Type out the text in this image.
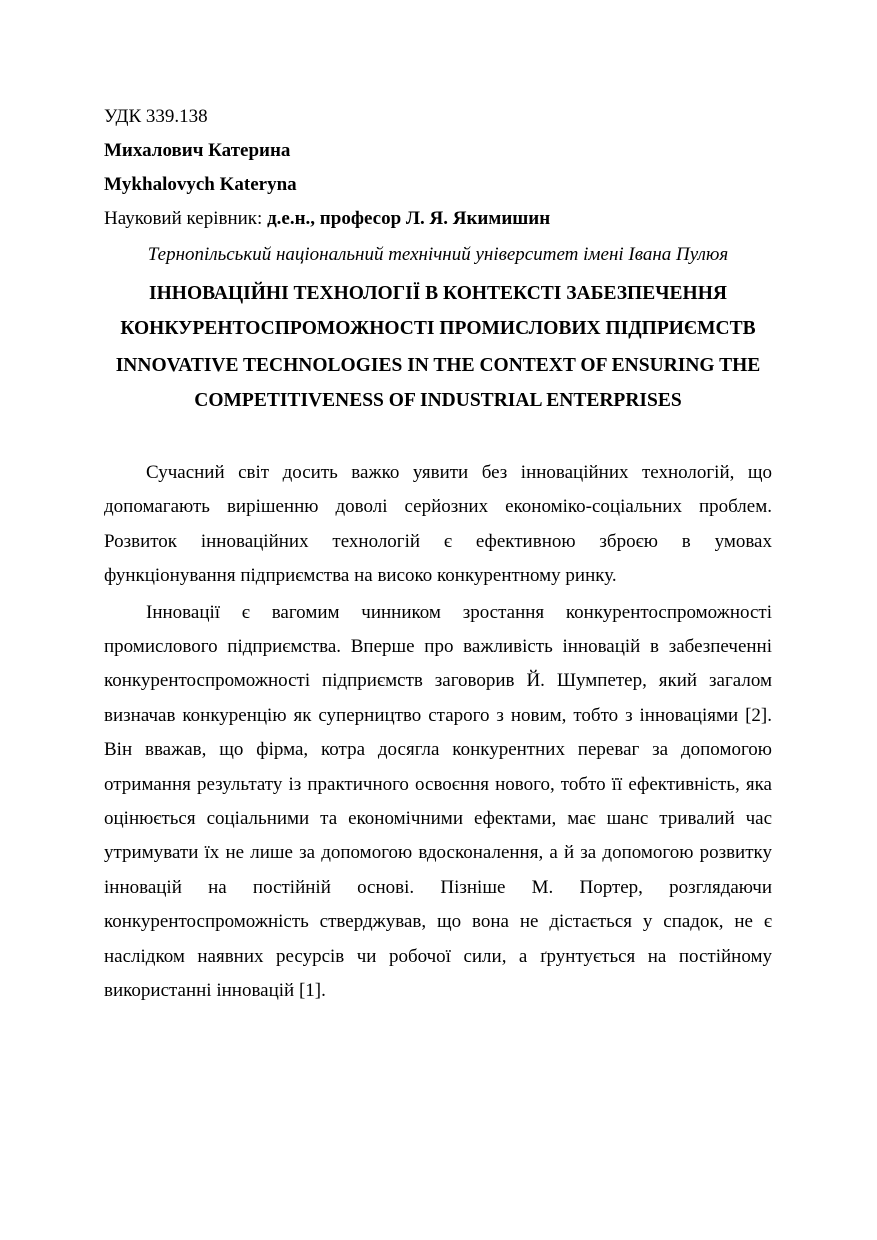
УДК 339.138
Михалович Катерина
Mykhalovych Kateryna
Науковий керівник: д.е.н., професор Л. Я. Якимишин
Тернопільський національний технічний університет імені Івана Пулюя
ІННОВАЦІЙНІ ТЕХНОЛОГІЇ В КОНТЕКСТІ ЗАБЕЗПЕЧЕННЯ КОНКУРЕНТОСПРОМОЖНОСТІ ПРОМИСЛОВИХ ПІДПРИЄМСТВ
INNOVATIVE TECHNOLOGIES IN THE CONTEXT OF ENSURING THE COMPETITIVENESS OF INDUSTRIAL ENTERPRISES

Сучасний світ досить важко уявити без інноваційних технологій, що допомагають вирішенню доволі серйозних економіко-соціальних проблем. Розвиток інноваційних технологій є ефективною зброєю в умовах функціонування підприємства на високо конкурентному ринку.

Інновації є вагомим чинником зростання конкурентоспроможності промислового підприємства. Вперше про важливість інновацій в забезпеченні конкурентоспроможності підприємств заговорив Й. Шумпетер, який загалом визначав конкуренцію як суперництво старого з новим, тобто з інноваціями [2]. Він вважав, що фірма, котра досягла конкурентних переваг за допомогою отримання результату із практичного освоєння нового, тобто її ефективність, яка оцінюється соціальними та економічними ефектами, має шанс тривалий час утримувати їх не лише за допомогою вдосконалення, а й за допомогою розвитку інновацій на постійній основі. Пізніше М. Портер, розглядаючи конкурентоспроможність стверджував, що вона не дістається у спадок, не є наслідком наявних ресурсів чи робочої сили, а ґрунтується на постійному використанні інновацій [1].
